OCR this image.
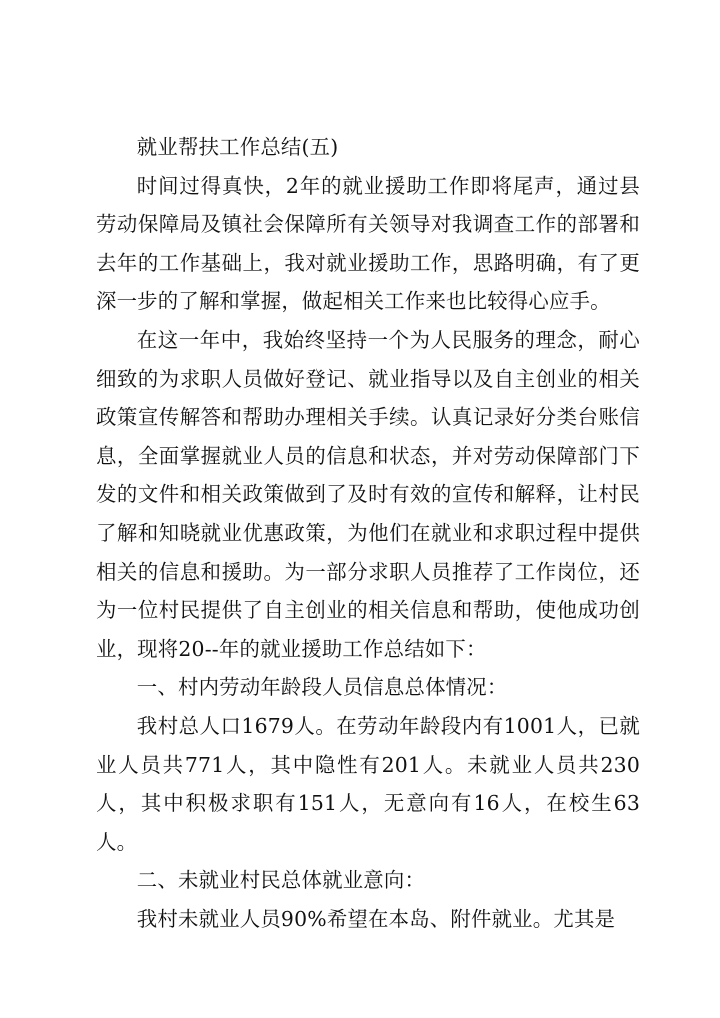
就业帮扶工作总结(五)

时间过得真快，2年的就业援助工作即将尾声，通过县劳动保障局及镇社会保障所有关领导对我调查工作的部署和去年的工作基础上，我对就业援助工作，思路明确，有了更深一步的了解和掌握，做起相关工作来也比较得心应手。

在这一年中，我始终坚持一个为人民服务的理念，耐心细致的为求职人员做好登记、就业指导以及自主创业的相关政策宣传解答和帮助办理相关手续。认真记录好分类台账信息，全面掌握就业人员的信息和状态，并对劳动保障部门下发的文件和相关政策做到了及时有效的宣传和解释，让村民了解和知晓就业优惠政策，为他们在就业和求职过程中提供相关的信息和援助。为一部分求职人员推荐了工作岗位，还为一位村民提供了自主创业的相关信息和帮助，使他成功创业，现将20--年的就业援助工作总结如下：

一、村内劳动年龄段人员信息总体情况：

我村总人口1679人。在劳动年龄段内有1001人，已就业人员共771人，其中隐性有201人。未就业人员共230人，其中积极求职有151人，无意向有16人，在校生63人。

二、未就业村民总体就业意向：

我村未就业人员90%希望在本岛、附件就业。尤其是
